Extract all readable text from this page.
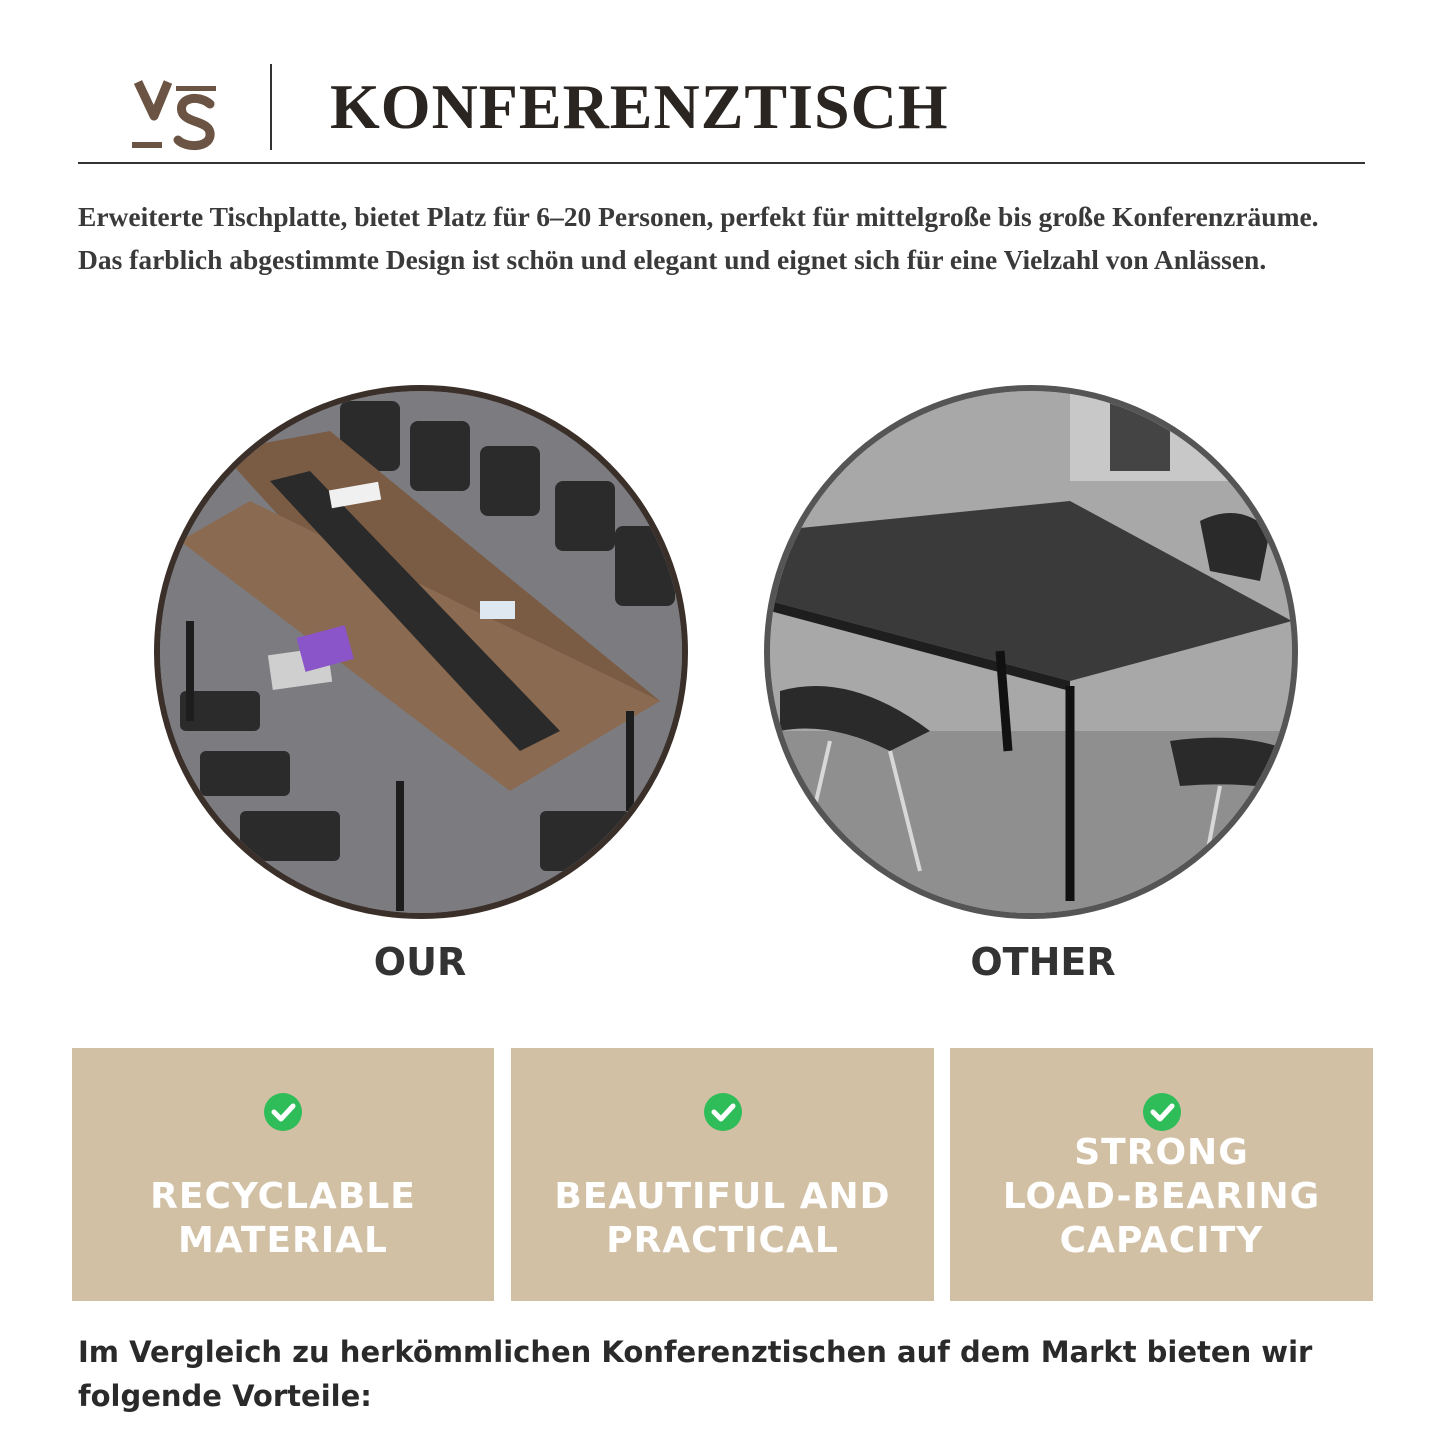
KONFERENZTISCH
Erweiterte Tischplatte, bietet Platz für 6–20 Personen, perfekt für mittelgroße bis große Konferenzräume. Das farblich abgestimmte Design ist schön und elegant und eignet sich für eine Vielzahl von Anlässen.
OUR	OTHER
RECYCLABLE
MATERIAL
BEAUTIFUL AND
PRACTICAL
STRONG
LOAD-BEARING
CAPACITY
Im Vergleich zu herkömmlichen Konferenztischen auf dem Markt bieten wir folgende Vorteile:
